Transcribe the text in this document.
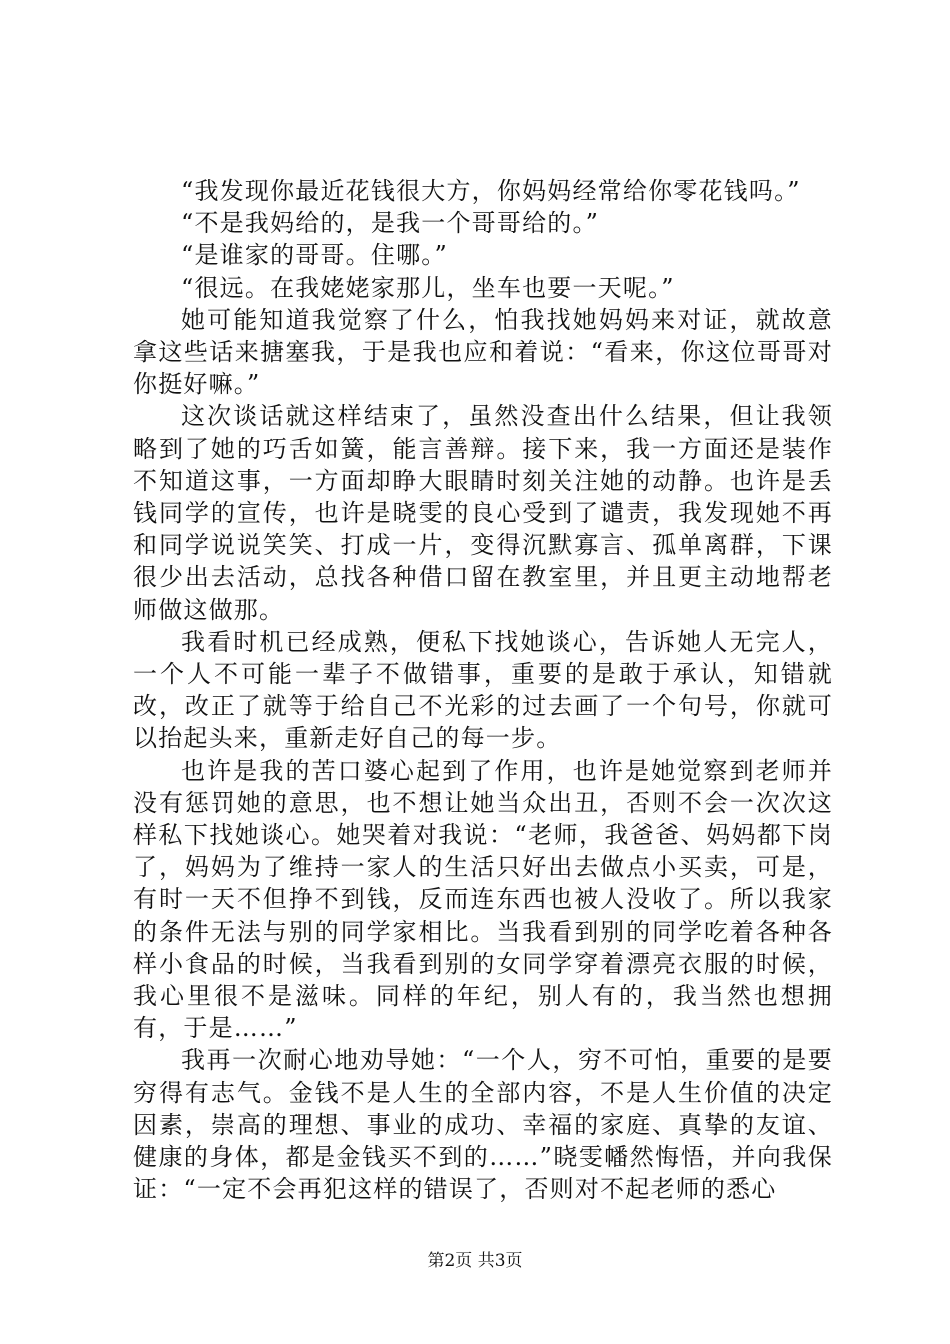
“我发现你最近花钱很大方，你妈妈经常给你零花钱吗。”

“不是我妈给的，是我一个哥哥给的。”

“是谁家的哥哥。住哪。”

“很远。在我姥姥家那儿，坐车也要一天呢。”

她可能知道我觉察了什么，怕我找她妈妈来对证，就故意拿这些话来搪塞我，于是我也应和着说：“看来，你这位哥哥对你挺好嘛。”

这次谈话就这样结束了，虽然没查出什么结果，但让我领略到了她的巧舌如簧，能言善辩。接下来，我一方面还是装作不知道这事，一方面却睁大眼睛时刻关注她的动静。也许是丢钱同学的宣传，也许是晓雯的良心受到了谴责，我发现她不再和同学说说笑笑、打成一片，变得沉默寡言、孤单离群，下课很少出去活动，总找各种借口留在教室里，并且更主动地帮老师做这做那。

我看时机已经成熟，便私下找她谈心，告诉她人无完人，一个人不可能一辈子不做错事，重要的是敢于承认，知错就改，改正了就等于给自己不光彩的过去画了一个句号，你就可以抬起头来，重新走好自己的每一步。

也许是我的苦口婆心起到了作用，也许是她觉察到老师并没有惩罚她的意思，也不想让她当众出丑，否则不会一次次这样私下找她谈心。她哭着对我说：“老师，我爸爸、妈妈都下岗了，妈妈为了维持一家人的生活只好出去做点小买卖，可是，有时一天不但挣不到钱，反而连东西也被人没收了。所以我家的条件无法与别的同学家相比。当我看到别的同学吃着各种各样小食品的时候，当我看到别的女同学穿着漂亮衣服的时候，我心里很不是滋味。同样的年纪，别人有的，我当然也想拥有，于是……”

我再一次耐心地劝导她：“一个人，穷不可怕，重要的是要穷得有志气。金钱不是人生的全部内容，不是人生价值的决定因素，崇高的理想、事业的成功、幸福的家庭、真挚的友谊、健康的身体，都是金钱买不到的……”晓雯幡然悔悟，并向我保证：“一定不会再犯这样的错误了，否则对不起老师的悉心

第2页 共3页
